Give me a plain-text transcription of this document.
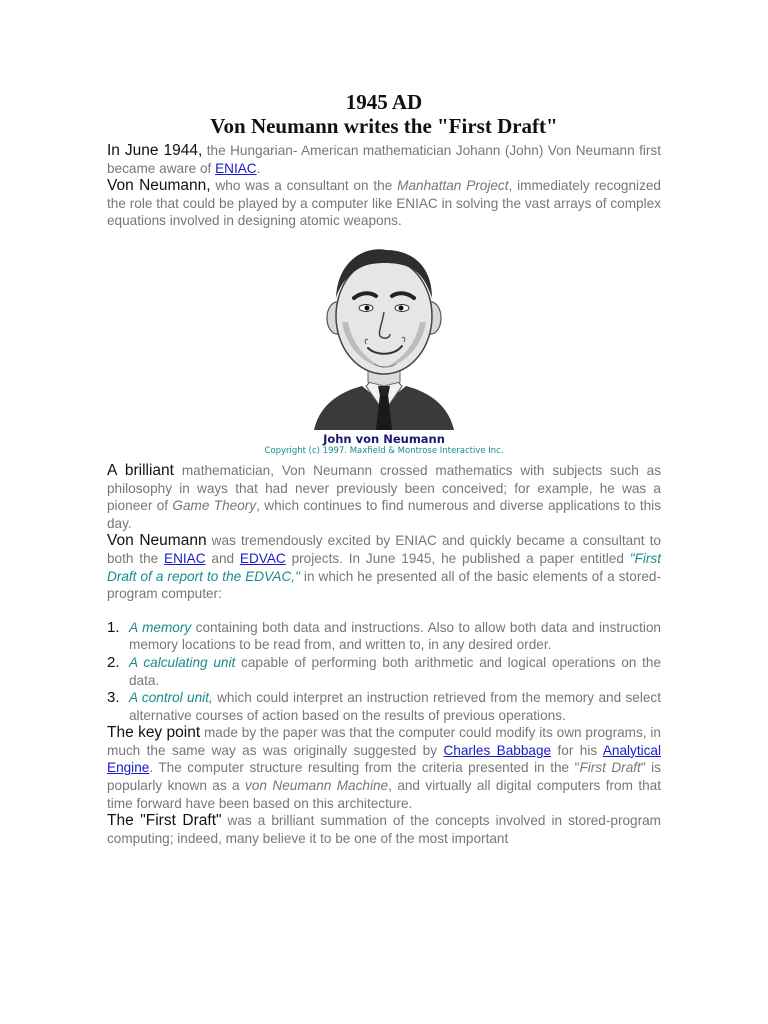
1945 AD
Von Neumann writes the "First Draft"

In June 1944, the Hungarian- American mathematician Johann (John) Von Neumann first became aware of ENIAC.

Von Neumann, who was a consultant on the Manhattan Project, immediately recognized the role that could be played by a computer like ENIAC in solving the vast arrays of complex equations involved in designing atomic weapons.

John von Neumann
Copyright (c) 1997. Maxfield & Montrose Interactive Inc.

A brilliant mathematician, Von Neumann crossed mathematics with subjects such as philosophy in ways that had never previously been conceived; for example, he was a pioneer of Game Theory, which continues to find numerous and diverse applications to this day.

Von Neumann was tremendously excited by ENIAC and quickly became a consultant to both the ENIAC and EDVAC projects. In June 1945, he published a paper entitled "First Draft of a report to the EDVAC," in which he presented all of the basic elements of a stored-program computer:

1. A memory containing both data and instructions. Also to allow both data and instruction memory locations to be read from, and written to, in any desired order.
2. A calculating unit capable of performing both arithmetic and logical operations on the data.
3. A control unit, which could interpret an instruction retrieved from the memory and select alternative courses of action based on the results of previous operations.

The key point made by the paper was that the computer could modify its own programs, in much the same way as was originally suggested by Charles Babbage for his Analytical Engine. The computer structure resulting from the criteria presented in the "First Draft" is popularly known as a von Neumann Machine, and virtually all digital computers from that time forward have been based on this architecture.

The "First Draft" was a brilliant summation of the concepts involved in stored-program computing; indeed, many believe it to be one of the most important
